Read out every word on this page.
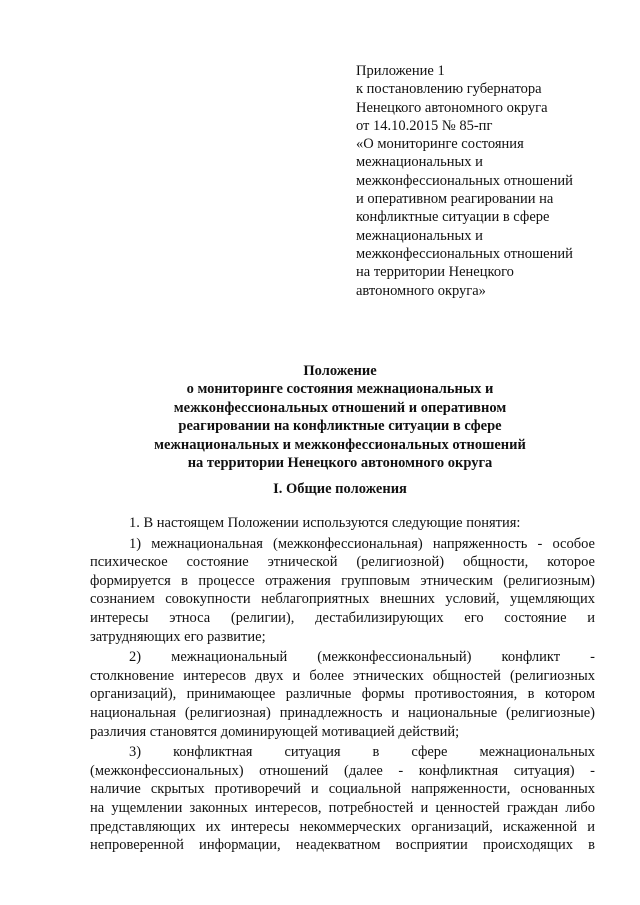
Приложение 1
к постановлению губернатора
Ненецкого автономного округа
от 14.10.2015 № 85-пг
«О мониторинге состояния
межнациональных и
межконфессиональных отношений
и оперативном реагировании на
конфликтные ситуации в сфере
межнациональных и
межконфессиональных отношений
на территории Ненецкого
автономного округа»
Положение
о мониторинге состояния межнациональных и
межконфессиональных отношений и оперативном
реагировании на конфликтные ситуации в сфере
межнациональных и межконфессиональных отношений
на территории Ненецкого автономного округа
I. Общие положения
1. В настоящем Положении используются следующие понятия:
1) межнациональная (межконфессиональная) напряженность - особое
психическое состояние этнической (религиозной) общности, которое
формируется в процессе отражения групповым этническим (религиозным)
сознанием совокупности неблагоприятных внешних условий, ущемляющих
интересы этноса (религии), дестабилизирующих его состояние и
затрудняющих его развитие;
2) межнациональный (межконфессиональный) конфликт -
столкновение интересов двух и более этнических общностей (религиозных
организаций), принимающее различные формы противостояния, в котором
национальная (религиозная) принадлежность и национальные (религиозные)
различия становятся доминирующей мотивацией действий;
3) конфликтная ситуация в сфере межнациональных
(межконфессиональных) отношений (далее - конфликтная ситуация) -
наличие скрытых противоречий и социальной напряженности, основанных
на ущемлении законных интересов, потребностей и ценностей граждан либо
представляющих их интересы некоммерческих организаций, искаженной и
непроверенной информации, неадекватном восприятии происходящих в
